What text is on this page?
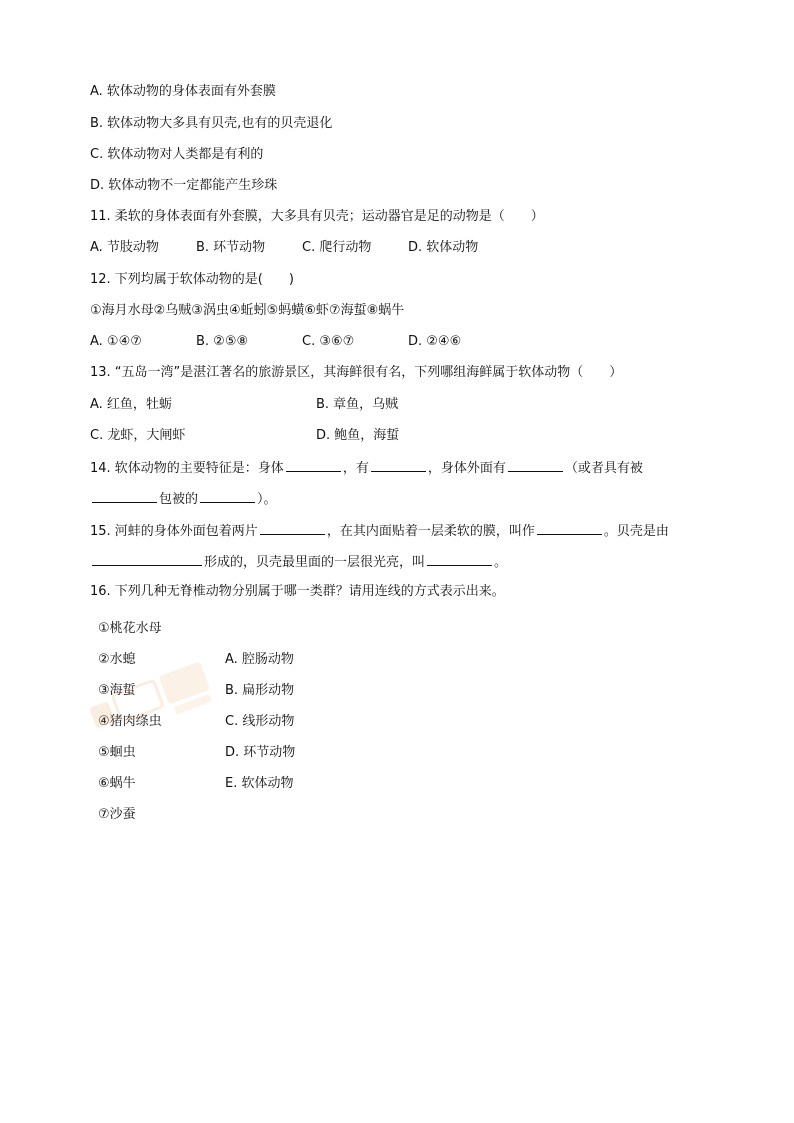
A. 软体动物的身体表面有外套膜
B. 软体动物大多具有贝壳,也有的贝壳退化
C. 软体动物对人类都是有利的
D. 软体动物不一定都能产生珍珠
11. 柔软的身体表面有外套膜，大多具有贝壳；运动器官是足的动物是（　　）
A. 节肢动物	B. 环节动物	C. 爬行动物	D. 软体动物
12. 下列均属于软体动物的是(　　)
①海月水母②乌贼③涡虫④蚯蚓⑤蚂蟥⑥虾⑦海蜇⑧蜗牛
A. ①④⑦	B. ②⑤⑧	C. ③⑥⑦	D. ②④⑥
13. “五岛一湾”是湛江著名的旅游景区，其海鲜很有名，下列哪组海鲜属于软体动物（　　）
A. 红鱼，牡蛎	B. 章鱼，乌贼
C. 龙虾，大闸虾	D. 鲍鱼，海蜇
14. 软体动物的主要特征是：身体	，有	，身体外面有	（或者具有被
包被的	）。
15. 河蚌的身体外面包着两片	，在其内面贴着一层柔软的膜，叫作	。贝壳是由
形成的，贝壳最里面的一层很光亮，叫	。
16. 下列几种无脊椎动物分别属于哪一类群？请用连线的方式表示出来。
①桃花水母
②水螅
③海蜇
④猪肉绦虫
⑤蛔虫
⑥蜗牛
⑦沙蚕
A. 腔肠动物
B. 扁形动物
C. 线形动物
D. 环节动物
E. 软体动物
